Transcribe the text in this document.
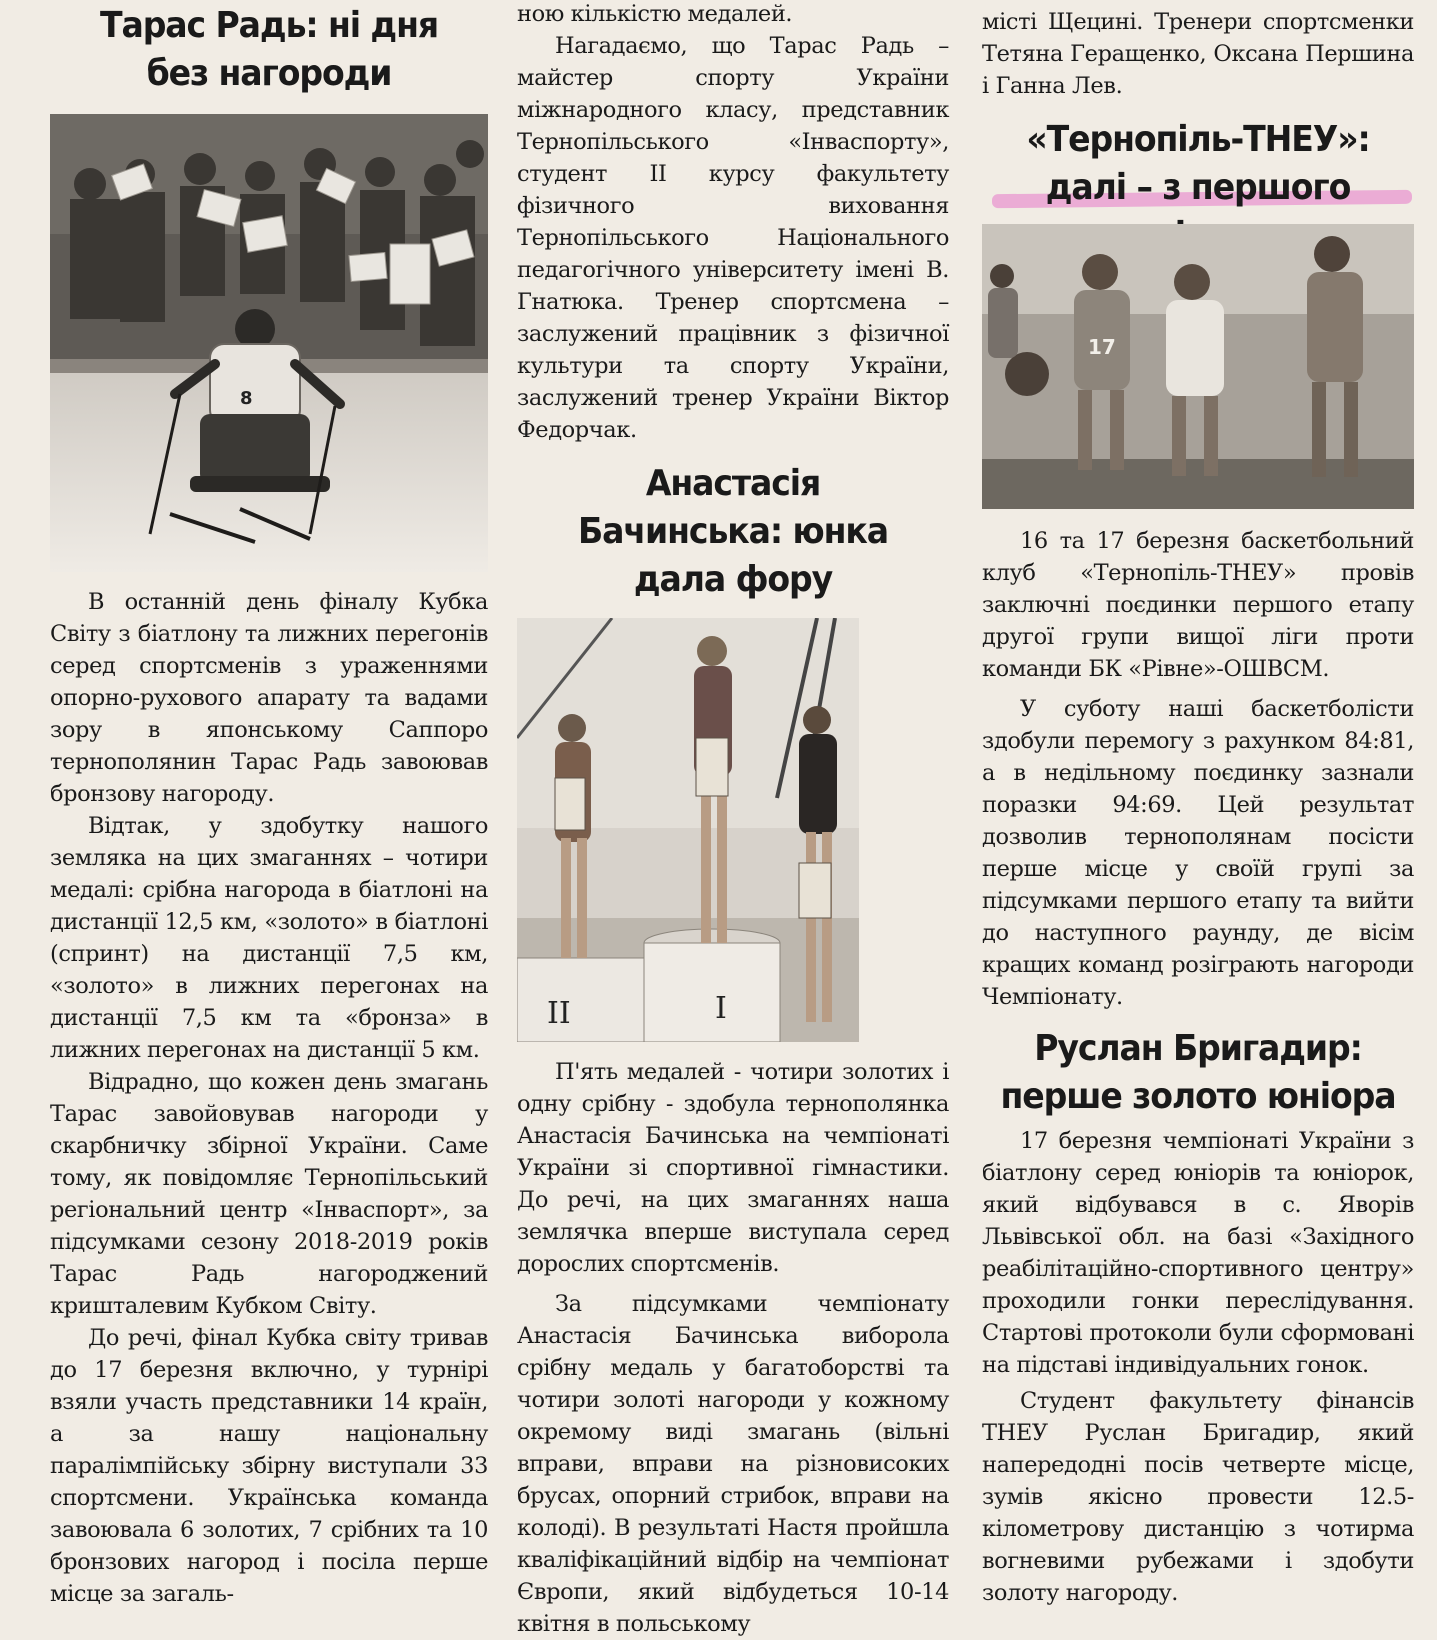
Тарас Радь: ні дня без нагороди
8

В останній день фіналу Кубка Світу з біатлону та лижних перегонів серед спортсменів з ураженнями опорно-рухового апарату та вадами зору в японському Саппоро тернополянин Тарас Радь завоював бронзову нагороду.

Відтак, у здобутку нашого земляка на цих змаганнях – чотири медалі: срібна нагорода в біатлоні на дистанції 12,5 км, «золото» в біатлоні (спринт) на дистанції 7,5 км, «золото» в лижних перегонах на дистанції 7,5 км та «бронза» в лижних перегонах на дистанції 5 км.

Відрадно, що кожен день змагань Тарас завойовував нагороди у скарбничку збірної України. Саме тому, як повідомляє Тернопільський регіональний центр «Інваспорт», за підсумками сезону 2018-2019 років Тарас Радь нагороджений кришталевим Кубком Світу.

До речі, фінал Кубка світу тривав до 17 березня включно, у турнірі взяли участь представники 14 країн, а за нашу національну паралімпійську збірну виступали 33 спортсмени. Українська команда завоювала 6 золотих, 7 срібних та 10 бронзових нагород і посіла перше місце за загаль-

ною кількістю медалей.

Нагадаємо, що Тарас Радь – майстер спорту України міжнародного класу, представник Тернопільського «Інваспорту», студент ІІ курсу факультету фізичного виховання Тернопільського Національного педагогічного університету імені В. Гнатюка. Тренер спортсмена – заслужений працівник з фізичної культури та спорту України, заслужений тренер України Віктор Федорчак.

Анастасія Бачинська: юнка дала фору
II	I

П'ять медалей - чотири золотих і одну срібну - здобула тернополянка Анастасія Бачинська на чемпіонаті України зі спортивної гімнастики. До речі, на цих змаганнях наша землячка вперше виступала серед дорослих спортсменів.

За підсумками чемпіонату Анастасія Бачинська виборола срібну медаль у багатоборстві та чотири золоті нагороди у кожному окремому виді змагань (вільні вправи, вправи на різновисоких брусах, опорний стрибок, вправи на колоді). В результаті Настя пройшла кваліфікаційний відбір на чемпіонат Європи, який відбудеться 10-14 квітня в польському

місті Щецині. Тренери спортсменки Тетяна Геращенко, Оксана Першина і Ганна Лев.

«Тернопіль-ТНЕУ»: далі – з першого
17

16 та 17 березня баскетбольний клуб «Тернопіль-ТНЕУ» провів заключні поєдинки першого етапу другої групи вищої ліги проти команди БК «Рівне»-ОШВСМ.

У суботу наші баскетболісти здобули перемогу з рахунком 84:81, а в недільному поєдинку зазнали поразки 94:69. Цей результат дозволив тернополянам посісти перше місце у своїй групі за підсумками першого етапу та вийти до наступного раунду, де вісім кращих команд розіграють нагороди Чемпіонату.

Руслан Бригадир: перше золото юніора

17 березня чемпіонаті України з біатлону серед юніорів та юніорок, який відбувався в с. Яворів Львівської обл. на базі «Західного реабілітаційно-спортивного центру» проходили гонки переслідування. Стартові протоколи були сформовані на підставі індивідуальних гонок.

Студент факультету фінансів ТНЕУ Руслан Бригадир, який напередодні посів четверте місце, зумів якісно провести 12.5-кілометрову дистанцію з чотирма вогневими рубежами і здобути золоту нагороду.
